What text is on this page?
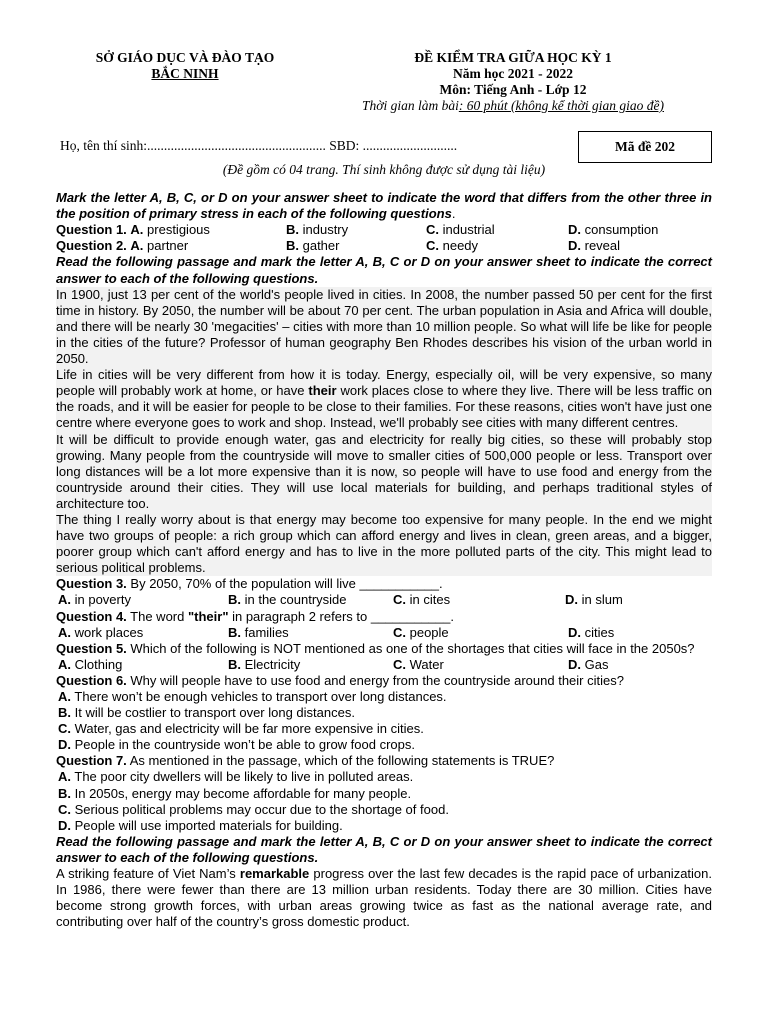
SỞ GIÁO DỤC VÀ ĐÀO TẠO
BẮC NINH
ĐỀ KIỂM TRA GIỮA HỌC KỲ 1
Năm học 2021 - 2022
Môn: Tiếng Anh - Lớp 12
Thời gian làm bài: 60 phút (không kể thời gian giao đề)
Họ, tên thí sinh:..................................................... SBD: ............................	Mã đề 202
(Đề gồm có 04 trang. Thí sinh không được sử dụng tài liệu)
Mark the letter A, B, C, or D on your answer sheet to indicate the word that differs from the other three in the position of primary stress in each of the following questions.
Question 1. A. prestigious	B. industry	C. industrial	D. consumption
Question 2. A. partner	B. gather	C. needy	D. reveal
Read the following passage and mark the letter A, B, C or D on your answer sheet to indicate the correct answer to each of the following questions.

In 1900, just 13 per cent of the world's people lived in cities. In 2008, the number passed 50 per cent for the first time in history. By 2050, the number will be about 70 per cent. The urban population in Asia and Africa will double, and there will be nearly 30 'megacities' – cities with more than 10 million people. So what will life be like for people in the cities of the future? Professor of human geography Ben Rhodes describes his vision of the urban world in 2050.

Life in cities will be very different from how it is today. Energy, especially oil, will be very expensive, so many people will probably work at home, or have their work places close to where they live. There will be less traffic on the roads, and it will be easier for people to be close to their families. For these reasons, cities won't have just one centre where everyone goes to work and shop. Instead, we'll probably see cities with many different centres.

It will be difficult to provide enough water, gas and electricity for really big cities, so these will probably stop growing. Many people from the countryside will move to smaller cities of 500,000 people or less. Transport over long distances will be a lot more expensive than it is now, so people will have to use food and energy from the countryside around their cities. They will use local materials for building, and perhaps traditional styles of architecture too.

The thing I really worry about is that energy may become too expensive for many people. In the end we might have two groups of people: a rich group which can afford energy and lives in clean, green areas, and a bigger, poorer group which can't afford energy and has to live in the more polluted parts of the city. This might lead to serious political problems.

Question 3. By 2050, 70% of the population will live ___________.

A. in poverty	B. in the countryside	C. in cites	D. in slum

Question 4. The word "their" in paragraph 2 refers to ___________.

A. work places	B. families	C. people	D. cities

Question 5. Which of the following is NOT mentioned as one of the shortages that cities will face in the 2050s?

A. Clothing	B. Electricity	C. Water	D. Gas

Question 6. Why will people have to use food and energy from the countryside around their cities?

A. There won’t be enough vehicles to transport over long distances.

B. It will be costlier to transport over long distances.

C. Water, gas and electricity will be far more expensive in cities.

D. People in the countryside won’t be able to grow food crops.

Question 7. As mentioned in the passage, which of the following statements is TRUE?

A. The poor city dwellers will be likely to live in polluted areas.

B. In 2050s, energy may become affordable for many people.

C. Serious political problems may occur due to the shortage of food.

D. People will use imported materials for building.

Read the following passage and mark the letter A, B, C or D on your answer sheet to indicate the correct answer to each of the following questions.

A striking feature of Viet Nam’s remarkable progress over the last few decades is the rapid pace of urbanization. In 1986, there were fewer than there are 13 million urban residents. Today there are 30 million. Cities have become strong growth forces, with urban areas growing twice as fast as the national average rate, and contributing over half of the country’s gross domestic product.
